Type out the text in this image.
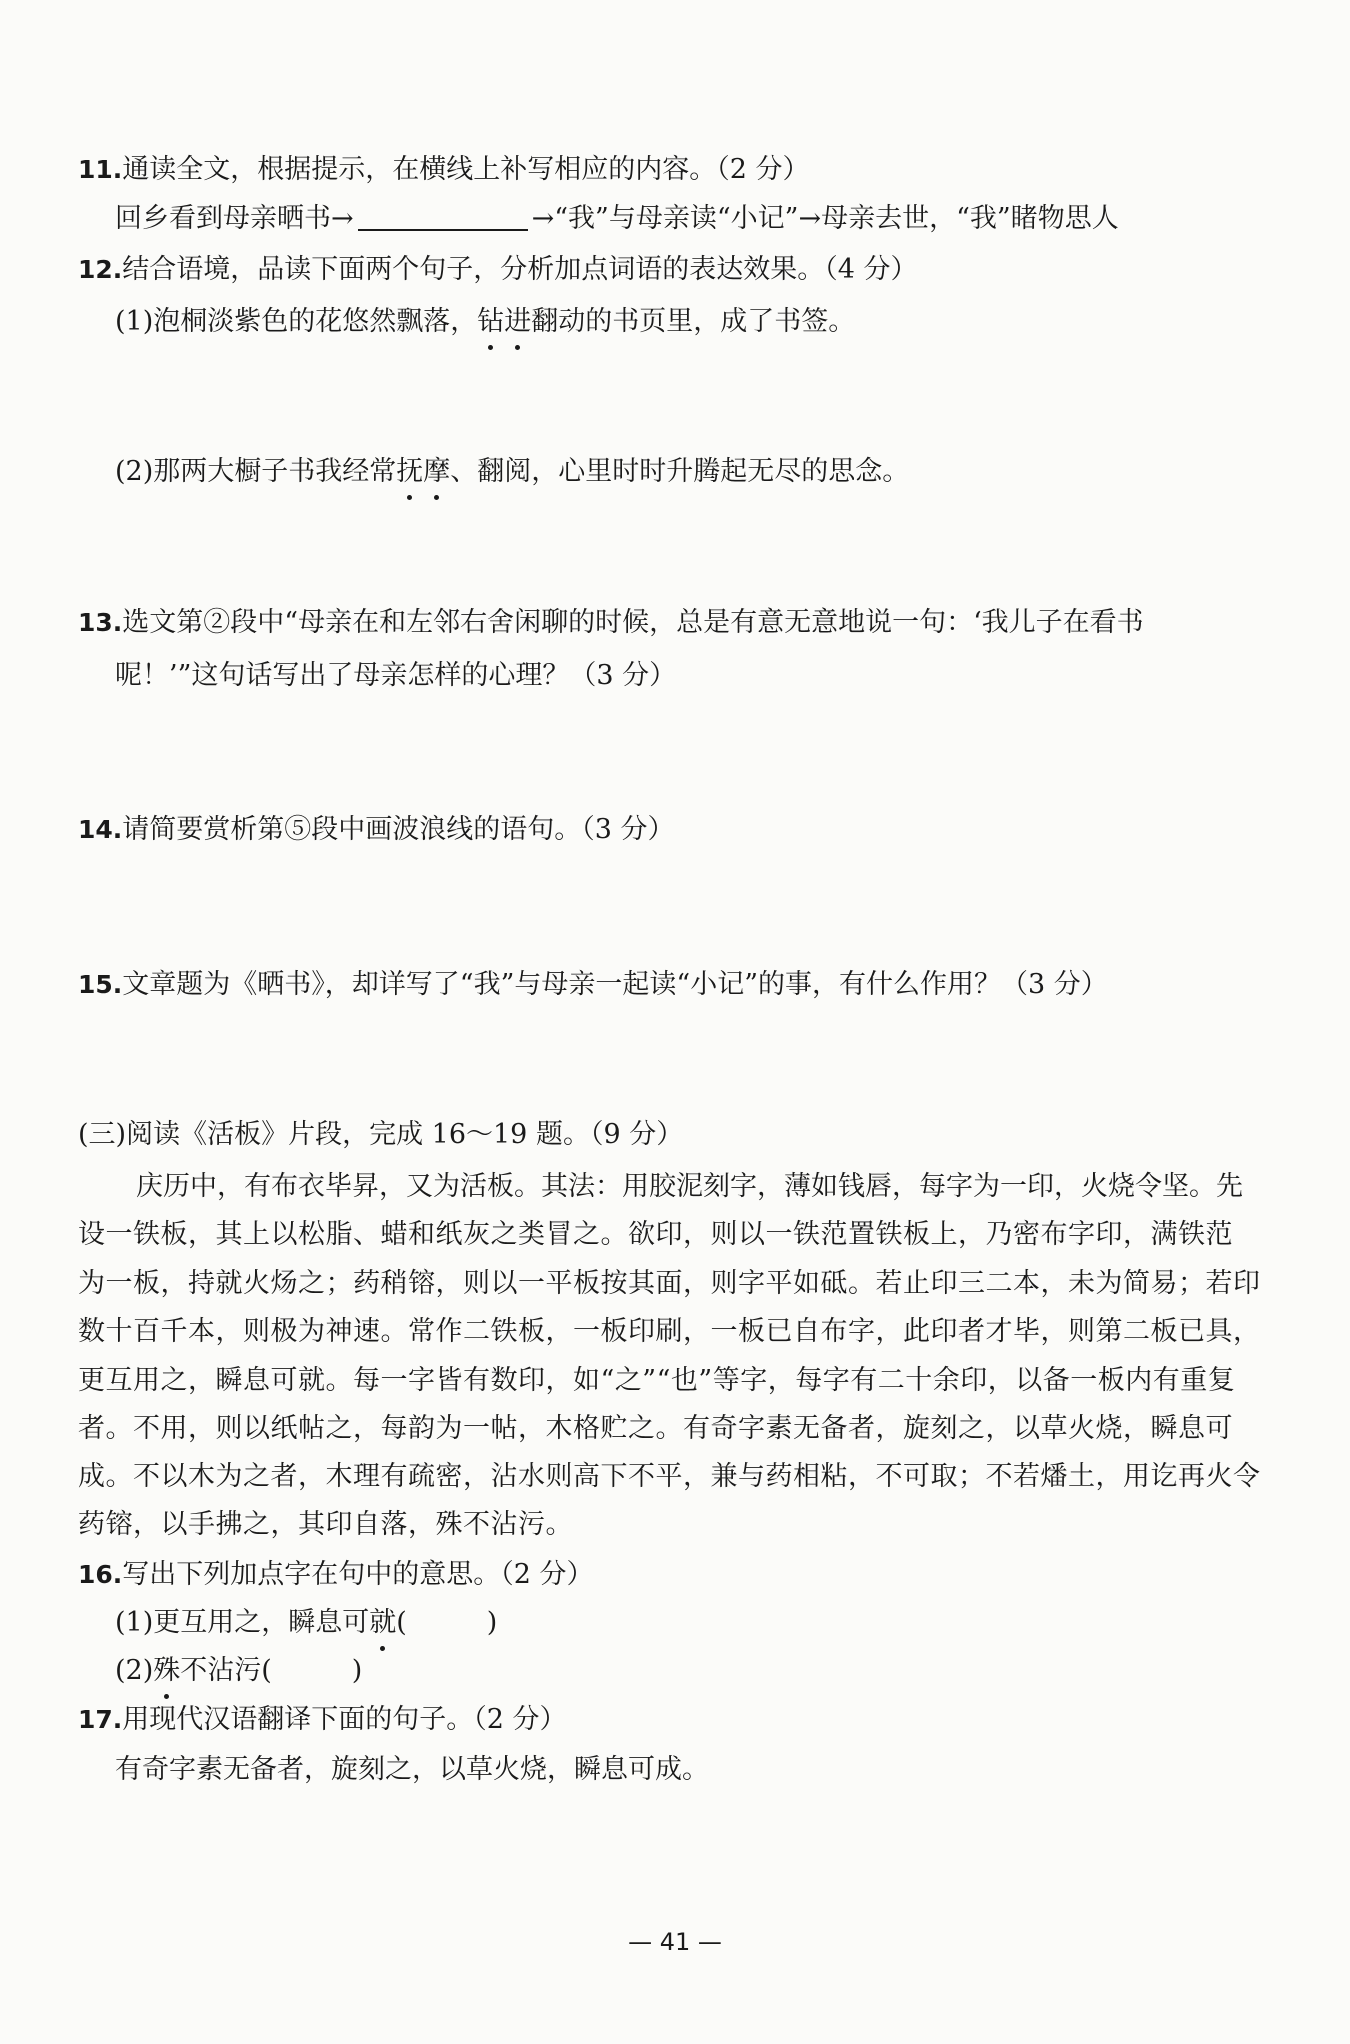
11.通读全文，根据提示，在横线上补写相应的内容。（2 分）
回乡看到母亲晒书→	→“我”与母亲读“小记”→母亲去世，“我”睹物思人
12.结合语境，品读下面两个句子，分析加点词语的表达效果。（4 分）
(1)泡桐淡紫色的花悠然飘落，钻进翻动的书页里，成了书签。
(2)那两大橱子书我经常抚摩、翻阅，心里时时升腾起无尽的思念。
13.选文第②段中“母亲在和左邻右舍闲聊的时候，总是有意无意地说一句：‘我儿子在看书
呢！’”这句话写出了母亲怎样的心理？（3 分）
14.请简要赏析第⑤段中画波浪线的语句。（3 分）
15.文章题为《晒书》，却详写了“我”与母亲一起读“小记”的事，有什么作用？（3 分）
(三)阅读《活板》片段，完成 16～19 题。（9 分）
庆历中，有布衣毕昇，又为活板。其法：用胶泥刻字，薄如钱唇，每字为一印，火烧令坚。先
设一铁板，其上以松脂、蜡和纸灰之类冒之。欲印，则以一铁范置铁板上，乃密布字印，满铁范
为一板，持就火炀之；药稍镕，则以一平板按其面，则字平如砥。若止印三二本，未为简易；若印
数十百千本，则极为神速。常作二铁板，一板印刷，一板已自布字，此印者才毕，则第二板已具，
更互用之，瞬息可就。每一字皆有数印，如“之”“也”等字，每字有二十余印，以备一板内有重复
者。不用，则以纸帖之，每韵为一帖，木格贮之。有奇字素无备者，旋刻之，以草火烧，瞬息可
成。不以木为之者，木理有疏密，沾水则高下不平，兼与药相粘，不可取；不若燔土，用讫再火令
药镕，以手拂之，其印自落，殊不沾污。
16.写出下列加点字在句中的意思。（2 分）
(1)更互用之，瞬息可就(	)
(2)殊不沾污(	)
17.用现代汉语翻译下面的句子。（2 分）
有奇字素无备者，旋刻之，以草火烧，瞬息可成。
— 41 —
